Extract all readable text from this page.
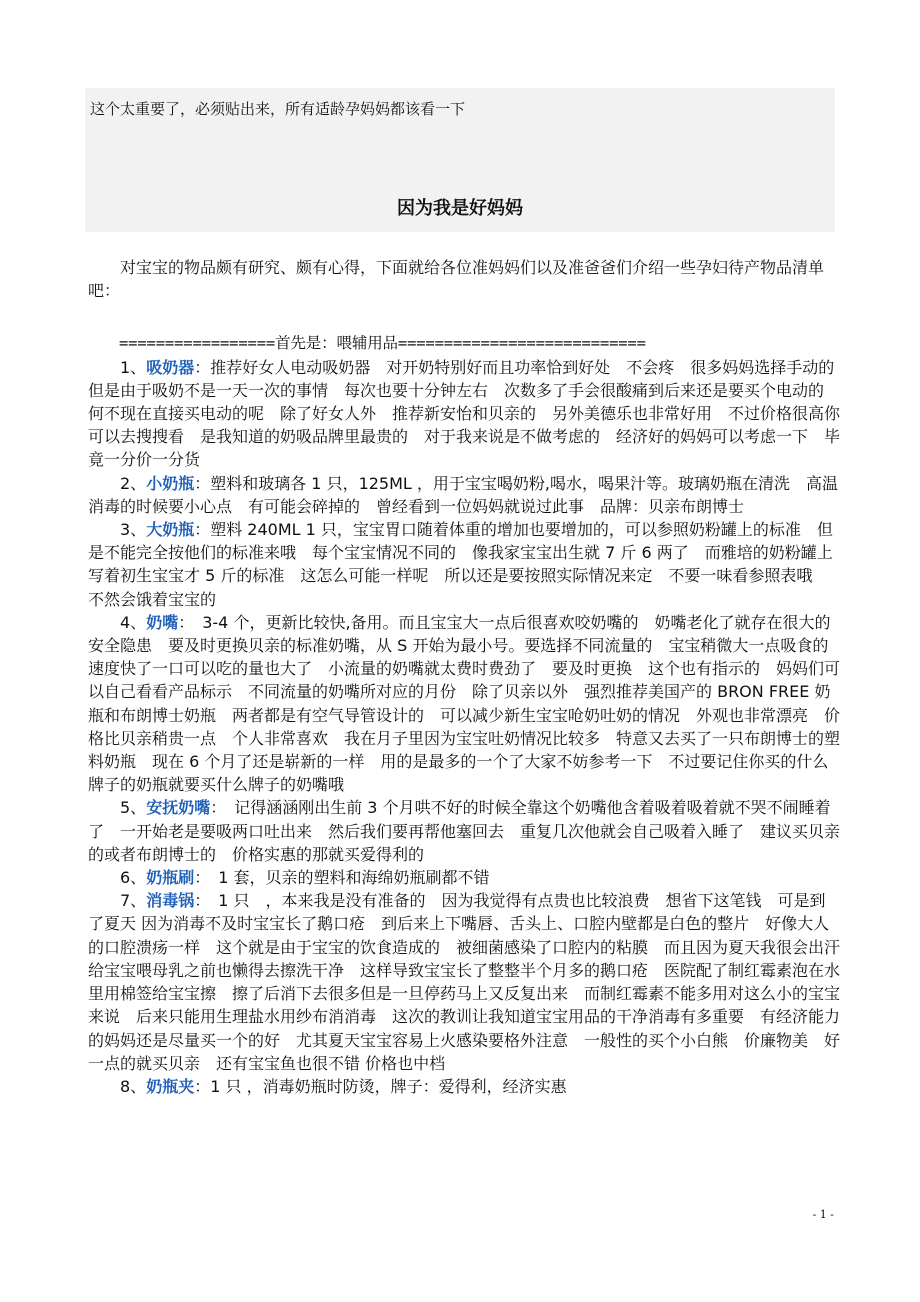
这个太重要了，必须贴出来，所有适龄孕妈妈都该看一下
因为我是好妈妈

对宝宝的物品颇有研究、颇有心得，下面就给各位准妈妈们以及准爸爸们介绍一些孕妇待产物品清单吧：

=================首先是：喂辅用品===========================

1、吸奶器：推荐好女人电动吸奶器　对开奶特别好而且功率恰到好处　不会疼　很多妈妈选择手动的　但是由于吸奶不是一天一次的事情　每次也要十分钟左右　次数多了手会很酸痛到后来还是要买个电动的　何不现在直接买电动的呢　除了好女人外　推荐新安怡和贝亲的　另外美德乐也非常好用　不过价格很高你可以去搜搜看　是我知道的奶吸品牌里最贵的　对于我来说是不做考虑的　经济好的妈妈可以考虑一下　毕竟一分价一分货

2、小奶瓶：塑料和玻璃各 1 只，125ML ，用于宝宝喝奶粉,喝水，喝果汁等。玻璃奶瓶在清洗　高温消毒的时候要小心点　有可能会碎掉的　曾经看到一位妈妈就说过此事　品牌：贝亲布朗博士

3、大奶瓶：塑料 240ML 1 只，宝宝胃口随着体重的增加也要增加的，可以参照奶粉罐上的标准　但是不能完全按他们的标准来哦　每个宝宝情况不同的　像我家宝宝出生就 7 斤 6 两了　而雅培的奶粉罐上写着初生宝宝才 5 斤的标准　这怎么可能一样呢　所以还是要按照实际情况来定　不要一味看参照表哦　不然会饿着宝宝的

4、奶嘴：　3-4 个，更新比较快,备用。而且宝宝大一点后很喜欢咬奶嘴的　奶嘴老化了就存在很大的安全隐患　要及时更换贝亲的标准奶嘴，从 S 开始为最小号。要选择不同流量的　宝宝稍微大一点吸食的速度快了一口可以吃的量也大了　小流量的奶嘴就太费时费劲了　要及时更换　这个也有指示的　妈妈们可以自己看看产品标示　不同流量的奶嘴所对应的月份　除了贝亲以外　强烈推荐美国产的 BRON FREE 奶瓶和布朗博士奶瓶　两者都是有空气导管设计的　可以减少新生宝宝呛奶吐奶的情况　外观也非常漂亮　价格比贝亲稍贵一点　个人非常喜欢　我在月子里因为宝宝吐奶情况比较多　特意又去买了一只布朗博士的塑料奶瓶　现在 6 个月了还是崭新的一样　用的是最多的一个了大家不妨参考一下　不过要记住你买的什么牌子的奶瓶就要买什么牌子的奶嘴哦

5、安抚奶嘴：　记得涵涵刚出生前 3 个月哄不好的时候全靠这个奶嘴他含着吸着吸着就不哭不闹睡着了　一开始老是要吸两口吐出来　然后我们要再帮他塞回去　重复几次他就会自己吸着入睡了　建议买贝亲的或者布朗博士的　价格实惠的那就买爱得利的

6、奶瓶刷：　1 套，贝亲的塑料和海绵奶瓶刷都不错

7、消毒锅：　1 只　，本来我是没有准备的　因为我觉得有点贵也比较浪费　想省下这笔钱　可是到了夏天 因为消毒不及时宝宝长了鹅口疮　到后来上下嘴唇、舌头上、口腔内壁都是白色的整片　好像大人的口腔溃疡一样　这个就是由于宝宝的饮食造成的　被细菌感染了口腔内的粘膜　而且因为夏天我很会出汗给宝宝喂母乳之前也懒得去擦洗干净　这样导致宝宝长了整整半个月多的鹅口疮　医院配了制红霉素泡在水里用棉签给宝宝擦　擦了后消下去很多但是一旦停药马上又反复出来　而制红霉素不能多用对这么小的宝宝来说　后来只能用生理盐水用纱布消消毒　这次的教训让我知道宝宝用品的干净消毒有多重要　有经济能力的妈妈还是尽量买一个的好　尤其夏天宝宝容易上火感染要格外注意　一般性的买个小白熊　价廉物美　好一点的就买贝亲　还有宝宝鱼也很不错 价格也中档

8、奶瓶夹：1 只 ，消毒奶瓶时防烫，牌子：爱得利，经济实惠

- 1 -
